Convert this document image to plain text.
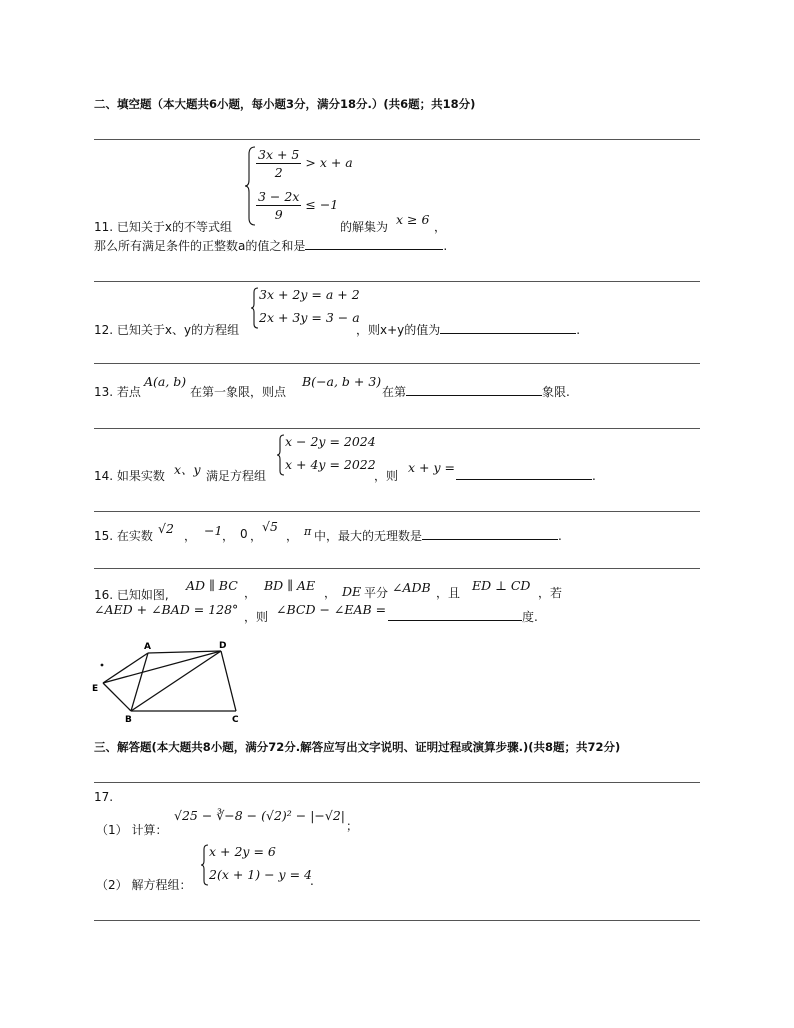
二、填空题（本大题共6小题，每小题3分，满分18分.）(共6题；共18分)
$\frac{3x + 5}{2} > x + a$
$\frac{3 - 2x}{9} \le -1$
11. 已知关于x的不等式组	的解集为 x ≥ 6 ，
那么所有满足条件的正整数a的值之和是	.
3x + 2y = a + 2
2x + 3y = 3 − a
12. 已知关于x、y的方程组	，则x+y的值为	.
13. 若点
A(a, b)
在第一象限，则点
B(−a, b + 3)
在第	象限.
x − 2y = 2024
x + 4y = 2022
14. 如果实数 x、y 满足方程组	，则
x + y =
.
15. 在实数 √2 ， −1 ， 0 ，
√5
， π 中，最大的无理数是	.
16. 已知如图,
AD ∥ BC ， BD ∥ AE ， DE 平分 ∠ADB ，且 ED ⊥ CD ，若
∠AED + ∠BAD = 128° ，则 ∠BCD − ∠EAB =	度.
A	D
E
B	C
三、解答题(本大题共8小题，满分72分.解答应写出文字说明、证明过程或演算步骤.)(共8题；共72分)
17.
（1） 计算：
√25 − ∛−8 − (√2)² − |−√2|
；
x + 2y = 6
2(x + 1) − y = 4
（2） 解方程组：	.
